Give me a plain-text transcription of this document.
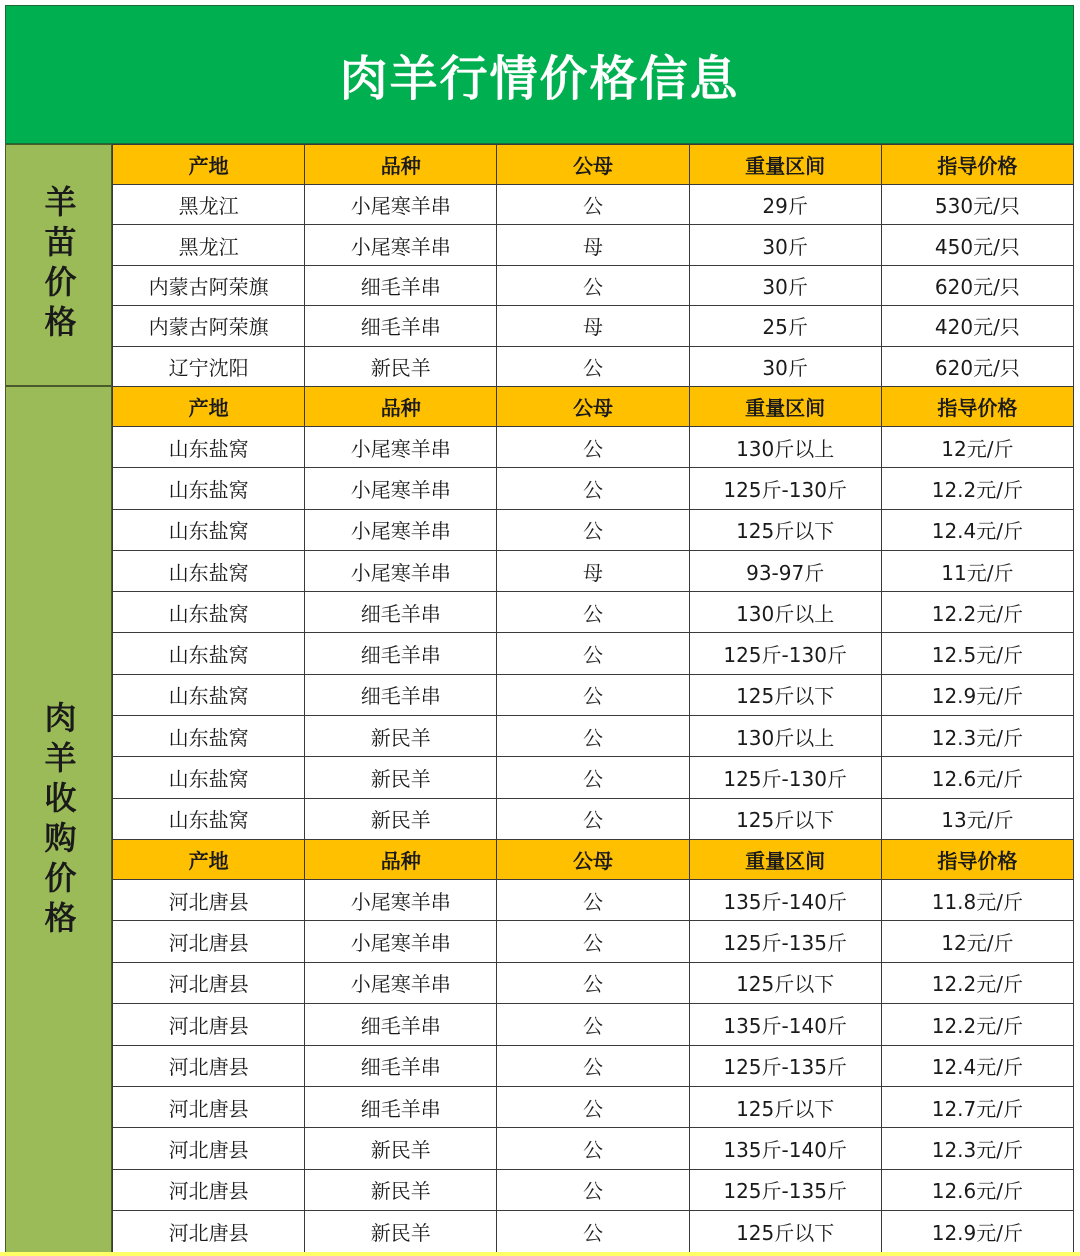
肉羊行情价格信息
羊苗价格
产地	品种	公母	重量区间	指导价格
黑龙江	小尾寒羊串	公	29斤	530元/只
黑龙江	小尾寒羊串	母	30斤	450元/只
内蒙古阿荣旗	细毛羊串	公	30斤	620元/只
内蒙古阿荣旗	细毛羊串	母	25斤	420元/只
辽宁沈阳	新民羊	公	30斤	620元/只
肉羊收购价格
产地	品种	公母	重量区间	指导价格
山东盐窝	小尾寒羊串	公	130斤以上	12元/斤
山东盐窝	小尾寒羊串	公	125斤-130斤	12.2元/斤
山东盐窝	小尾寒羊串	公	125斤以下	12.4元/斤
山东盐窝	小尾寒羊串	母	93-97斤	11元/斤
山东盐窝	细毛羊串	公	130斤以上	12.2元/斤
山东盐窝	细毛羊串	公	125斤-130斤	12.5元/斤
山东盐窝	细毛羊串	公	125斤以下	12.9元/斤
山东盐窝	新民羊	公	130斤以上	12.3元/斤
山东盐窝	新民羊	公	125斤-130斤	12.6元/斤
山东盐窝	新民羊	公	125斤以下	13元/斤
产地	品种	公母	重量区间	指导价格
河北唐县	小尾寒羊串	公	135斤-140斤	11.8元/斤
河北唐县	小尾寒羊串	公	125斤-135斤	12元/斤
河北唐县	小尾寒羊串	公	125斤以下	12.2元/斤
河北唐县	细毛羊串	公	135斤-140斤	12.2元/斤
河北唐县	细毛羊串	公	125斤-135斤	12.4元/斤
河北唐县	细毛羊串	公	125斤以下	12.7元/斤
河北唐县	新民羊	公	135斤-140斤	12.3元/斤
河北唐县	新民羊	公	125斤-135斤	12.6元/斤
河北唐县	新民羊	公	125斤以下	12.9元/斤
